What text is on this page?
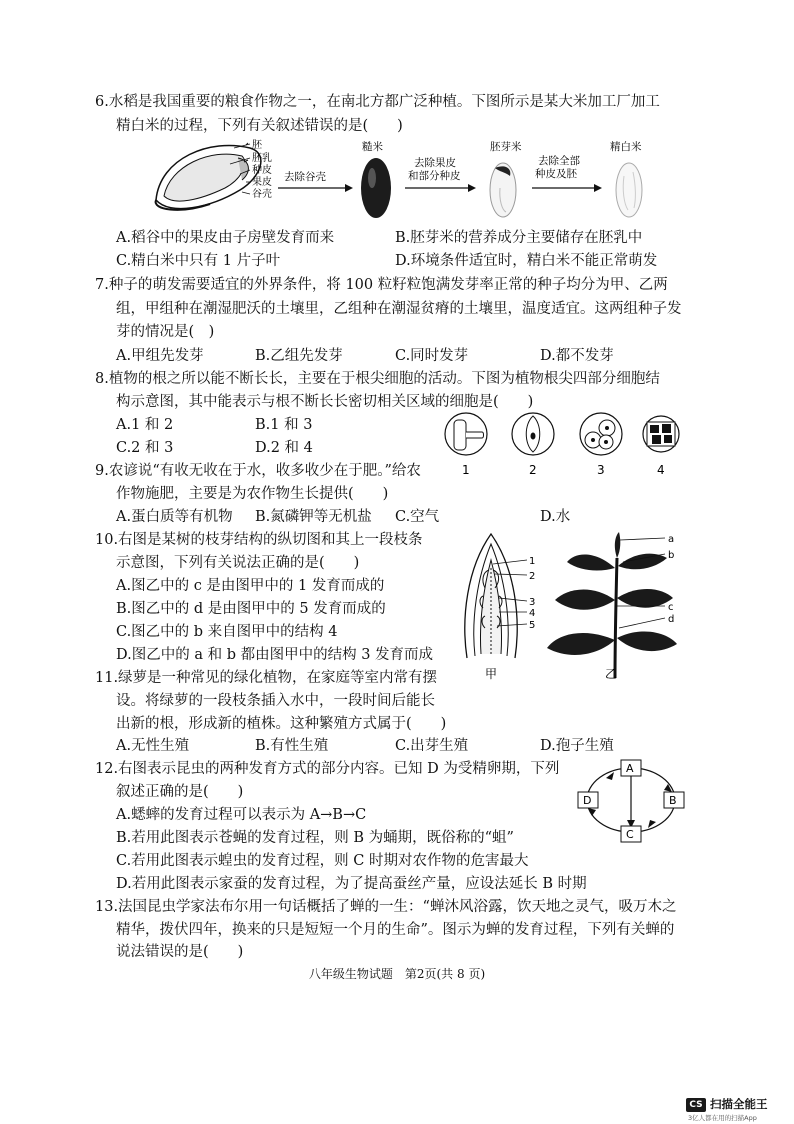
6.水稻是我国重要的粮食作物之一，在南北方都广泛种植。下图所示是某大米加工厂加工
精白米的过程，下列有关叙述错误的是(　　)
胚
胚乳
种皮
果皮
谷壳
去除谷壳
糙米
去除果皮
和部分种皮
胚芽米
去除全部
种皮及胚
精白米
A.稻谷中的果皮由子房壁发育而来	B.胚芽米的营养成分主要储存在胚乳中
C.精白米中只有 1 片子叶	D.环境条件适宜时，精白米不能正常萌发
7.种子的萌发需要适宜的外界条件，将 100 粒籽粒饱满发芽率正常的种子均分为甲、乙两
组，甲组种在潮湿肥沃的土壤里，乙组种在潮湿贫瘠的土壤里，温度适宜。这两组种子发
芽的情况是(　)
A.甲组先发芽	B.乙组先发芽	C.同时发芽	D.都不发芽
8.植物的根之所以能不断长长，主要在于根尖细胞的活动。下图为植物根尖四部分细胞结
构示意图，其中能表示与根不断长长密切相关区域的细胞是(　　)
A.1 和 2	B.1 和 3
C.2 和 3	D.2 和 4
1	2	3	4
9.农谚说“有收无收在于水，收多收少在于肥。”给农
作物施肥，主要是为农作物生长提供(　　)
A.蛋白质等有机物 B.氮磷钾等无机盐 C.空气	D.水
10.右图是某树的枝芽结构的纵切图和其上一段枝条
示意图，下列有关说法正确的是(　　)
A.图乙中的 c 是由图甲中的 1 发育而成的
B.图乙中的 d 是由图甲中的 5 发育而成的
C.图乙中的 b 来自图甲中的结构 4
D.图乙中的 a 和 b 都由图甲中的结构 3 发育而成
1
2
3
4
5
甲
a
b
c
d
乙
11.绿萝是一种常见的绿化植物，在家庭等室内常有摆
设。将绿萝的一段枝条插入水中，一段时间后能长
出新的根，形成新的植株。这种繁殖方式属于(　　)
A.无性生殖	B.有性生殖	C.出芽生殖	D.孢子生殖
12.右图表示昆虫的两种发育方式的部分内容。已知 D 为受精卵期，下列
叙述正确的是(　　)
A.蟋蟀的发育过程可以表示为 A→B→C
B.若用此图表示苍蝇的发育过程，则 B 为蛹期，既俗称的“蛆”
C.若用此图表示蝗虫的发育过程，则 C 时期对农作物的危害最大
D.若用此图表示家蚕的发育过程，为了提高蚕丝产量，应设法延长 B 时期
A
B
C
D
13.法国昆虫学家法布尔用一句话概括了蝉的一生：“蝉沐风浴露，饮天地之灵气，吸万木之
精华，拨伏四年，换来的只是短短一个月的生命”。图示为蝉的发育过程，下列有关蝉的
说法错误的是(　　)
八年级生物试题　第2页(共 8 页)
CS 扫描全能王
3亿人都在用的扫描App
